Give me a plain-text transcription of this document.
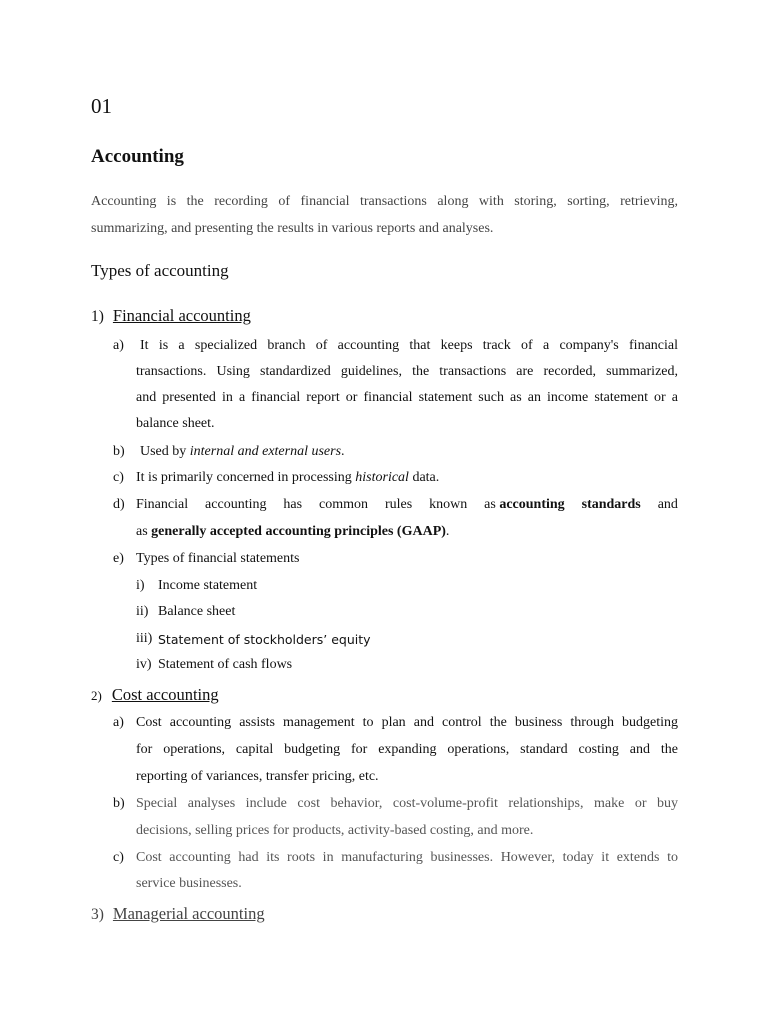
01
Accounting
Accounting is the recording of financial transactions along with storing, sorting, retrieving,
summarizing, and presenting the results in various reports and analyses.
Types of accounting
1) Financial accounting
a) It is a specialized branch of accounting that keeps track of a company's financial
transactions. Using standardized guidelines, the transactions are recorded, summarized,
and presented in a financial report or financial statement such as an income statement or a
balance sheet.
b) Used by internal and external users.
c) It is primarily concerned in processing historical data.
d) Financial accounting has common rules known as accounting standards and
as generally accepted accounting principles (GAAP).
e) Types of financial statements
i) Income statement
ii) Balance sheet
iii) Statement of stockholders’ equity
iv) Statement of cash flows
2) Cost accounting
a) Cost accounting assists management to plan and control the business through budgeting
for operations, capital budgeting for expanding operations, standard costing and the
reporting of variances, transfer pricing, etc.
b) Special analyses include cost behavior, cost-volume-profit relationships, make or buy
decisions, selling prices for products, activity-based costing, and more.
c) Cost accounting had its roots in manufacturing businesses. However, today it extends to
service businesses.
3) Managerial accounting
